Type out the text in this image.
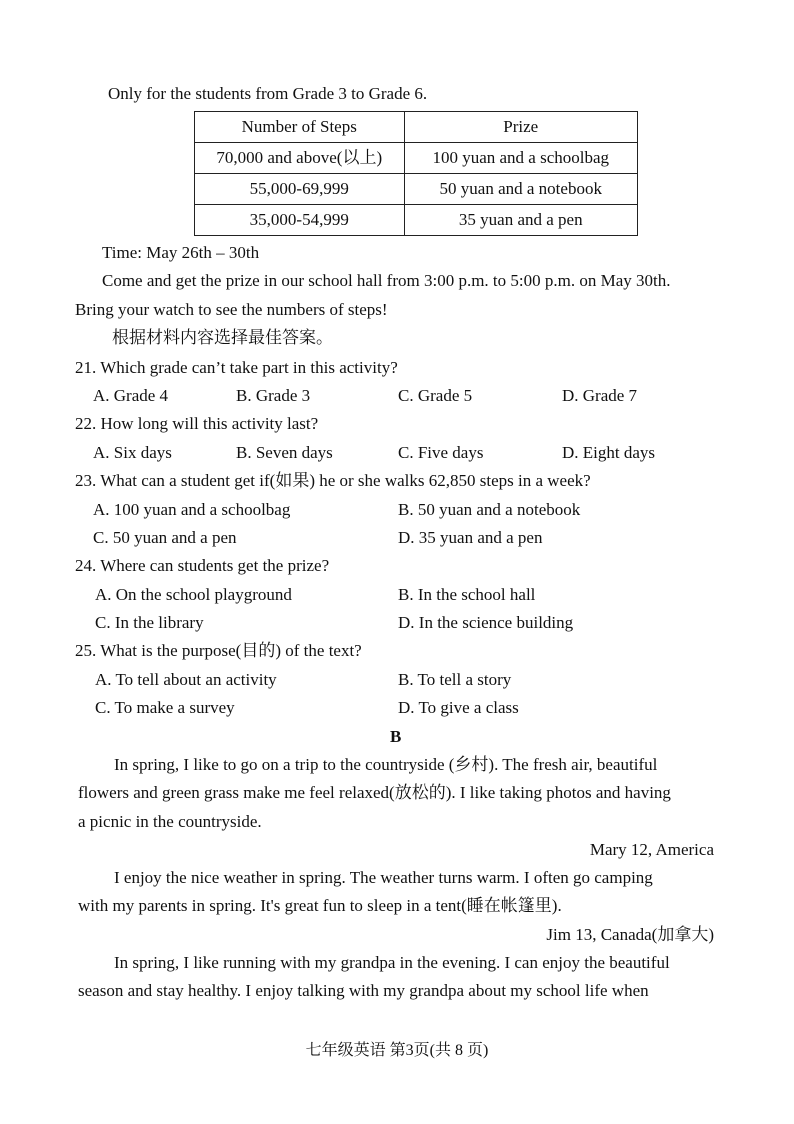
Only for the students from Grade 3 to Grade 6.
Number of Steps	Prize
70,000 and above(以上)	100 yuan and a schoolbag
55,000-69,999	50 yuan and a notebook
35,000-54,999	35 yuan and a pen
Time: May 26th – 30th
Come and get the prize in our school hall from 3:00 p.m. to 5:00 p.m. on May 30th.
Bring your watch to see the numbers of steps!
根据材料内容选择最佳答案。
21. Which grade can’t take part in this activity?
A. Grade 4	B. Grade 3	C. Grade 5	D. Grade 7
22. How long will this activity last?
A. Six days	B. Seven days	C. Five days	D. Eight days
23. What can a student get if(如果) he or she walks 62,850 steps in a week?
A. 100 yuan and a schoolbag	B. 50 yuan and a notebook
C. 50 yuan and a pen	D. 35 yuan and a pen
24. Where can students get the prize?
A. On the school playground	B. In the school hall
C. In the library	D. In the science building
25. What is the purpose(目的) of the text?
A. To tell about an activity	B. To tell a story
C. To make a survey	D. To give a class
B
In spring, I like to go on a trip to the countryside (乡村). The fresh air, beautiful
flowers and green grass make me feel relaxed(放松的). I like taking photos and having
a picnic in the countryside.
Mary 12, America
I enjoy the nice weather in spring. The weather turns warm. I often go camping
with my parents in spring. It's great fun to sleep in a tent(睡在帐篷里).
Jim 13, Canada(加拿大)
In spring, I like running with my grandpa in the evening. I can enjoy the beautiful
season and stay healthy. I enjoy talking with my grandpa about my school life when
七年级英语 第3页(共 8 页)
